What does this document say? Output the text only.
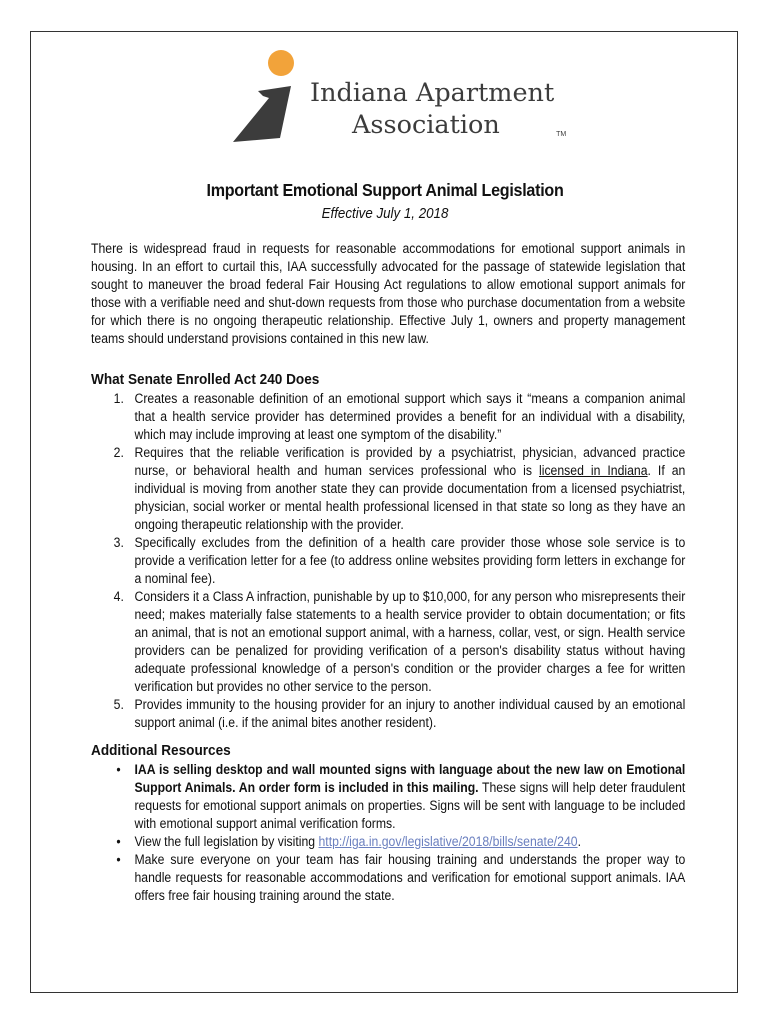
Indiana Apartment
Association	TM
Important Emotional Support Animal Legislation
Effective July 1, 2018

There is widespread fraud in requests for reasonable accommodations for emotional support animals in housing. In an effort to curtail this, IAA successfully advocated for the passage of statewide legislation that sought to maneuver the broad federal Fair Housing Act regulations to allow emotional support animals for those with a verifiable need and shut-down requests from those who purchase documentation from a website for which there is no ongoing therapeutic relationship. Effective July 1, owners and property management teams should understand provisions contained in this new law.

What Senate Enrolled Act 240 Does

1. Creates a reasonable definition of an emotional support which says it “means a companion animal that a health service provider has determined provides a benefit for an individual with a disability, which may include improving at least one symptom of the disability.”
2. Requires that the reliable verification is provided by a psychiatrist, physician, advanced practice nurse, or behavioral health and human services professional who is licensed in Indiana. If an individual is moving from another state they can provide documentation from a licensed psychiatrist, physician, social worker or mental health professional licensed in that state so long as they have an ongoing therapeutic relationship with the provider.
3. Specifically excludes from the definition of a health care provider those whose sole service is to provide a verification letter for a fee (to address online websites providing form letters in exchange for a nominal fee).
4. Considers it a Class A infraction, punishable by up to $10,000, for any person who misrepresents their need; makes materially false statements to a health service provider to obtain documentation; or fits an animal, that is not an emotional support animal, with a harness, collar, vest, or sign. Health service providers can be penalized for providing verification of a person's disability status without having adequate professional knowledge of a person's condition or the provider charges a fee for written verification but provides no other service to the person.
5. Provides immunity to the housing provider for an injury to another individual caused by an emotional support animal (i.e. if the animal bites another resident).

Additional Resources

• IAA is selling desktop and wall mounted signs with language about the new law on Emotional Support Animals. An order form is included in this mailing. These signs will help deter fraudulent requests for emotional support animals on properties. Signs will be sent with language to be included with emotional support animal verification forms.
• View the full legislation by visiting http://iga.in.gov/legislative/2018/bills/senate/240.
• Make sure everyone on your team has fair housing training and understands the proper way to handle requests for reasonable accommodations and verification for emotional support animals. IAA offers free fair housing training around the state.
